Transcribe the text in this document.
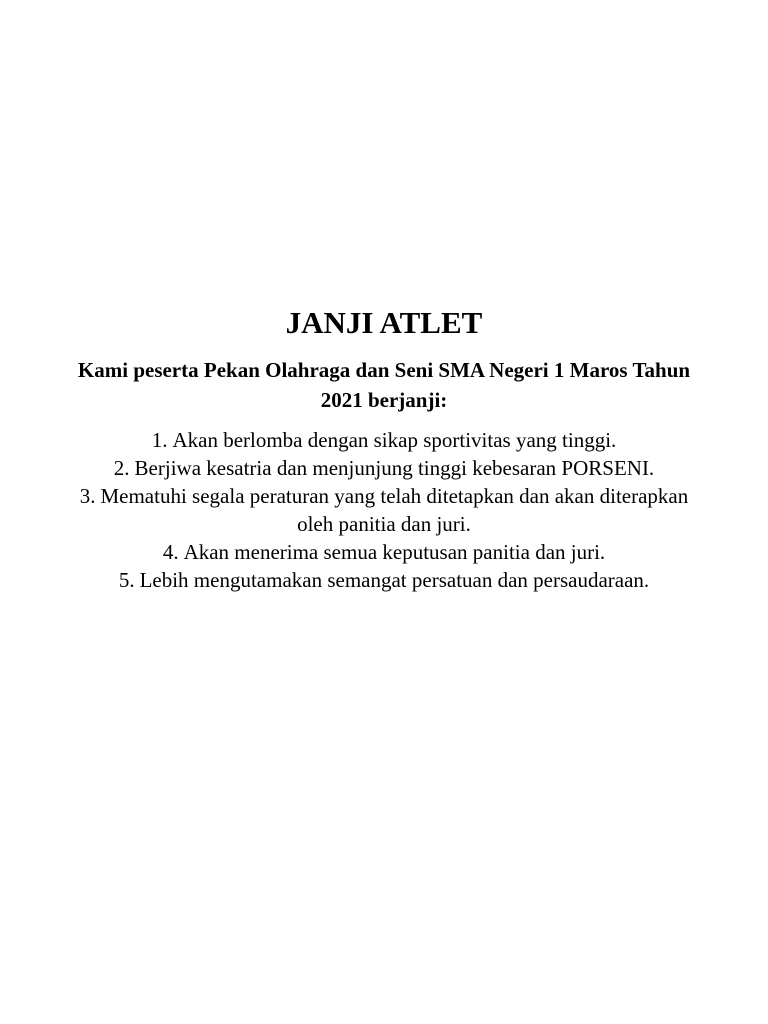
JANJI ATLET

Kami peserta Pekan Olahraga dan Seni SMA Negeri 1 Maros Tahun 2021 berjanji:

1. Akan berlomba dengan sikap sportivitas yang tinggi.
2. Berjiwa kesatria dan menjunjung tinggi kebesaran PORSENI.
3. Mematuhi segala peraturan yang telah ditetapkan dan akan diterapkan oleh panitia dan juri.
4. Akan menerima semua keputusan panitia dan juri.
5. Lebih mengutamakan semangat persatuan dan persaudaraan.
